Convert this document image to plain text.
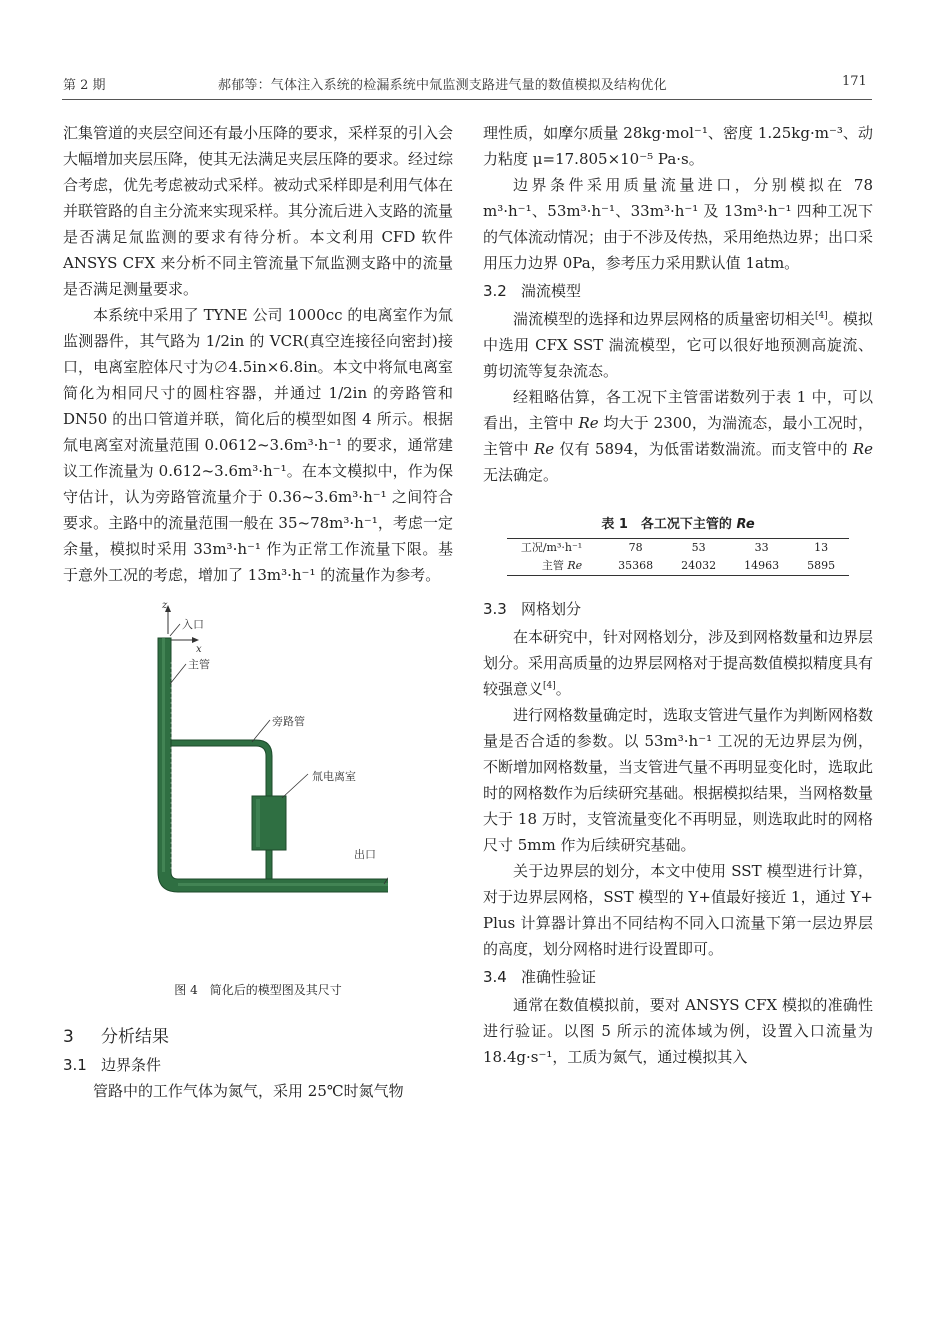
第 2 期	郝郁等：气体注入系统的检漏系统中氚监测支路进气量的数值模拟及结构优化	171

汇集管道的夹层空间还有最小压降的要求，采样泵的引入会大幅增加夹层压降，使其无法满足夹层压降的要求。经过综合考虑，优先考虑被动式采样。被动式采样即是利用气体在并联管路的自主分流来实现采样。其分流后进入支路的流量是否满足氚监测的要求有待分析。本文利用 CFD 软件 ANSYS CFX 来分析不同主管流量下氚监测支路中的流量是否满足测量要求。

本系统中采用了 TYNE 公司 1000cc 的电离室作为氚监测器件，其气路为 1/2in 的 VCR(真空连接径向密封)接口，电离室腔体尺寸为∅4.5in×6.8in。本文中将氚电离室简化为相同尺寸的圆柱容器，并通过 1/2in 的旁路管和 DN50 的出口管道并联，简化后的模型如图 4 所示。根据氚电离室对流量范围 0.0612~3.6m³·h⁻¹ 的要求，通常建议工作流量为 0.612~3.6m³·h⁻¹。在本文模拟中，作为保守估计，认为旁路管流量介于 0.36~3.6m³·h⁻¹ 之间符合要求。主路中的流量范围一般在 35~78m³·h⁻¹，考虑一定余量，模拟时采用 33m³·h⁻¹ 作为正常工作流量下限。基于意外工况的考虑，增加了 13m³·h⁻¹ 的流量作为参考。

z
x
入口
主管
旁路管
氚电离室
出口
图 4　简化后的模型图及其尺寸
3 分析结果
3.1 边界条件

管路中的工作气体为氮气，采用 25℃时氮气物

理性质，如摩尔质量 28kg·mol⁻¹、密度 1.25kg·m⁻³、动力粘度 μ=17.805×10⁻⁵ Pa·s。

边界条件采用质量流量进口，分别模拟在 78 m³·h⁻¹、53m³·h⁻¹、33m³·h⁻¹ 及 13m³·h⁻¹ 四种工况下的气体流动情况；由于不涉及传热，采用绝热边界；出口采用压力边界 0Pa，参考压力采用默认值 1atm。

3.2 湍流模型

湍流模型的选择和边界层网格的质量密切相关[4]。模拟中选用 CFX SST 湍流模型，它可以很好地预测高旋流、剪切流等复杂流态。

经粗略估算，各工况下主管雷诺数列于表 1 中，可以看出，主管中 Re 均大于 2300，为湍流态，最小工况时，主管中 Re 仅有 5894，为低雷诺数湍流。而支管中的 Re 无法确定。

表 1　各工况下主管的 Re
工况/m³·h⁻¹	78	53	33	13
主管 Re	35368	24032	14963	5895
3.3 网格划分

在本研究中，针对网格划分，涉及到网格数量和边界层划分。采用高质量的边界层网格对于提高数值模拟精度具有较强意义[4]。

进行网格数量确定时，选取支管进气量作为判断网格数量是否合适的参数。以 53m³·h⁻¹ 工况的无边界层为例，不断增加网格数量，当支管进气量不再明显变化时，选取此时的网格数作为后续研究基础。根据模拟结果，当网格数量大于 18 万时，支管流量变化不再明显，则选取此时的网格尺寸 5mm 作为后续研究基础。

关于边界层的划分，本文中使用 SST 模型进行计算，对于边界层网格，SST 模型的 Y+值最好接近 1，通过 Y+ Plus 计算器计算出不同结构不同入口流量下第一层边界层的高度，划分网格时进行设置即可。

3.4 准确性验证

通常在数值模拟前，要对 ANSYS CFX 模拟的准确性进行验证。以图 5 所示的流体域为例，设置入口流量为 18.4g·s⁻¹，工质为氮气，通过模拟其入
